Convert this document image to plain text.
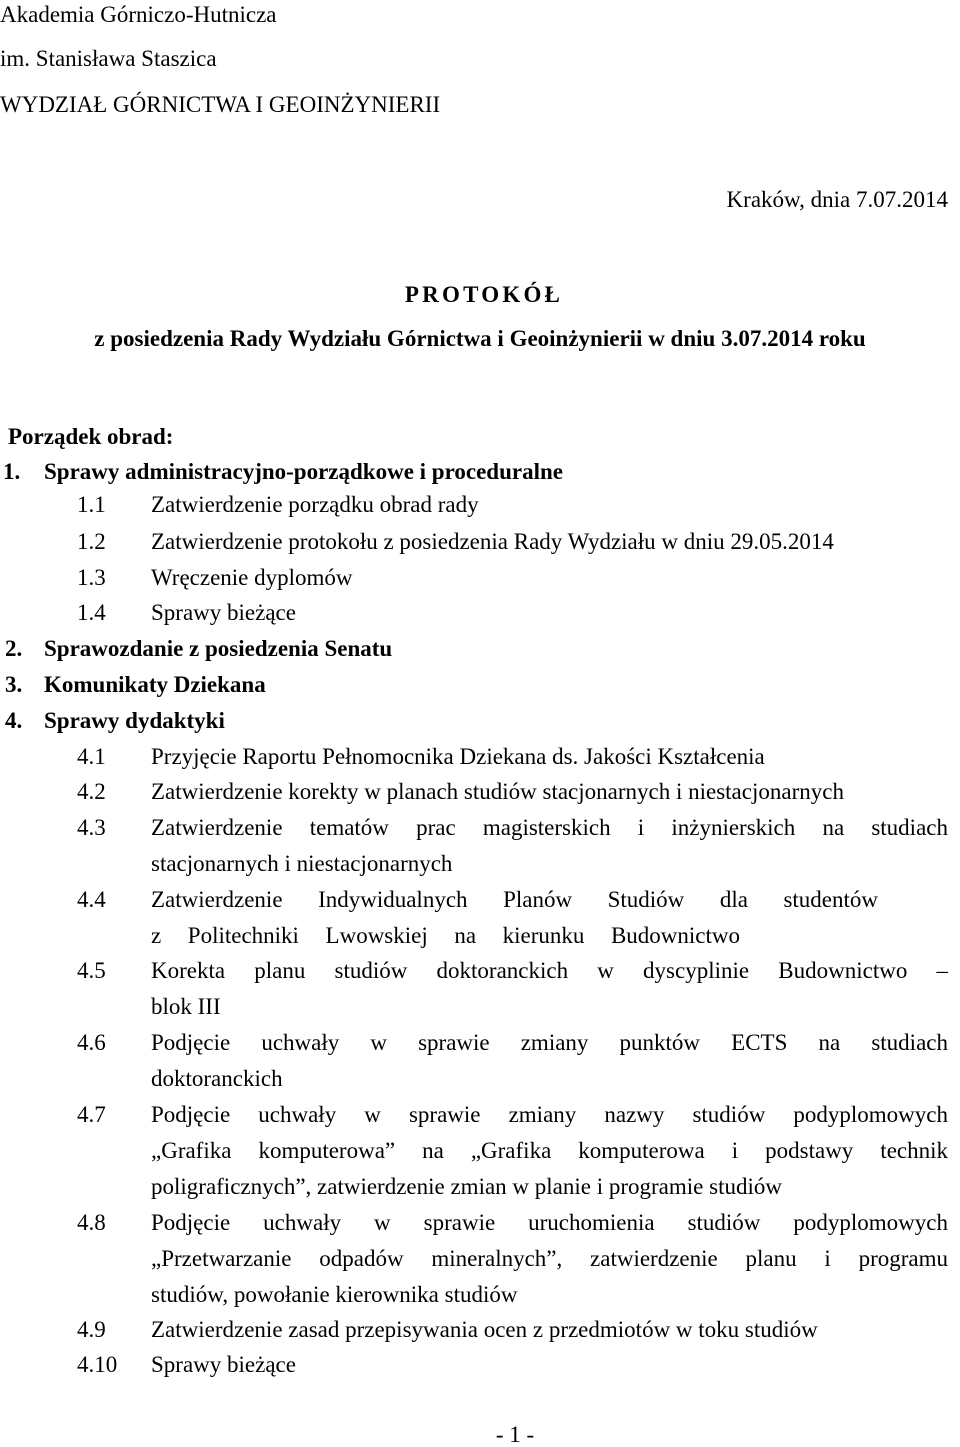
Akademia Górniczo-Hutnicza
im. Stanisława Staszica
WYDZIAŁ GÓRNICTWA I GEOINŻYNIERII
Kraków, dnia 7.07.2014
PROTOKÓŁ
z posiedzenia Rady Wydziału Górnictwa i Geoinżynierii w dniu 3.07.2014 roku
Porządek obrad:
1. Sprawy administracyjno-porządkowe i proceduralne
1.1 Zatwierdzenie porządku obrad rady
1.2 Zatwierdzenie protokołu z posiedzenia Rady Wydziału w dniu 29.05.2014
1.3 Wręczenie dyplomów
1.4 Sprawy bieżące
2. Sprawozdanie z posiedzenia Senatu
3. Komunikaty Dziekana
4. Sprawy dydaktyki
4.1 Przyjęcie Raportu Pełnomocnika Dziekana ds. Jakości Kształcenia
4.2 Zatwierdzenie korekty w planach studiów stacjonarnych i niestacjonarnych
4.3 Zatwierdzenie tematów prac magisterskich i inżynierskich na studiach
stacjonarnych i niestacjonarnych
4.4 Zatwierdzenie Indywidualnych Planów Studiów dla studentów
z Politechniki Lwowskiej na kierunku Budownictwo
4.5 Korekta planu studiów doktoranckich w dyscyplinie Budownictwo –
blok III
4.6 Podjęcie uchwały w sprawie zmiany punktów ECTS na studiach
doktoranckich
4.7 Podjęcie uchwały w sprawie zmiany nazwy studiów podyplomowych
„Grafika komputerowa” na „Grafika komputerowa i podstawy technik
poligraficznych”, zatwierdzenie zmian w planie i programie studiów
4.8 Podjęcie uchwały w sprawie uruchomienia studiów podyplomowych
„Przetwarzanie odpadów mineralnych”, zatwierdzenie planu i programu
studiów, powołanie kierownika studiów
4.9 Zatwierdzenie zasad przepisywania ocen z przedmiotów w toku studiów
4.10 Sprawy bieżące
- 1 -
